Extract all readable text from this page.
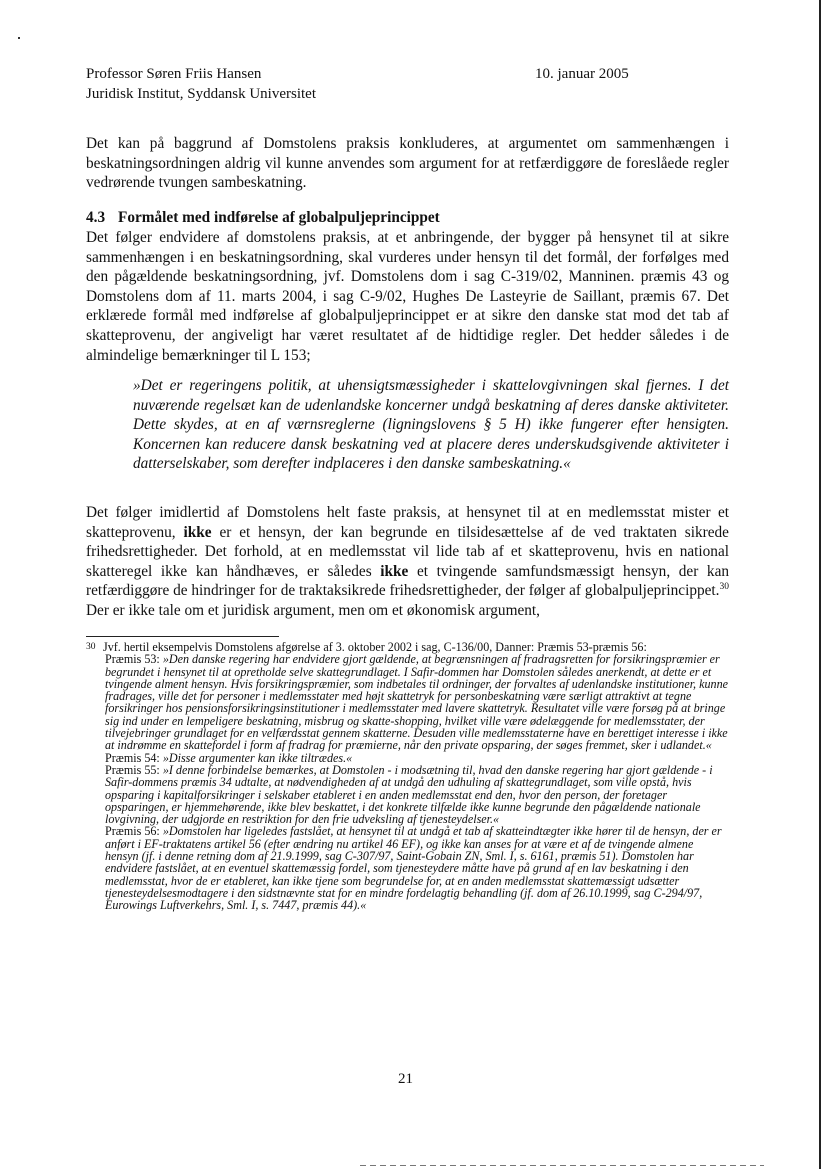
Professor Søren Friis Hansen
Juridisk Institut, Syddansk Universitet
10. januar 2005
Det kan på baggrund af Domstolens praksis konkluderes, at argumentet om sammenhængen i beskatningsordningen aldrig vil kunne anvendes som argument for at retfærdiggøre de foreslåede regler vedrørende tvungen sambeskatning.
4.3 Formålet med indførelse af globalpuljeprincippet
Det følger endvidere af domstolens praksis, at et anbringende, der bygger på hensynet til at sikre sammenhængen i en beskatningsordning, skal vurderes under hensyn til det formål, der forfølges med den pågældende beskatningsordning, jvf. Domstolens dom i sag C-319/02, Manninen. præmis 43 og Domstolens dom af 11. marts 2004, i sag C-9/02, Hughes De Lasteyrie de Saillant, præmis 67. Det erklærede formål med indførelse af globalpuljeprincippet er at sikre den danske stat mod det tab af skatteprovenu, der angiveligt har været resultatet af de hidtidige regler. Det hedder således i de almindelige bemærkninger til L 153;
»Det er regeringens politik, at uhensigtsmæssigheder i skattelovgivningen skal fjernes. I det nuværende regelsæt kan de udenlandske koncerner undgå beskatning af deres danske aktiviteter. Dette skydes, at en af værnsreglerne (ligningslovens § 5 H) ikke fungerer efter hensigten. Koncernen kan reducere dansk beskatning ved at placere deres underskudsgivende aktiviteter i datterselskaber, som derefter indplaceres i den danske sambeskatning.«
Det følger imidlertid af Domstolens helt faste praksis, at hensynet til at en medlemsstat mister et skatteprovenu, ikke er et hensyn, der kan begrunde en tilsidesættelse af de ved traktaten sikrede frihedsrettigheder. Det forhold, at en medlemsstat vil lide tab af et skatteprovenu, hvis en national skatteregel ikke kan håndhæves, er således ikke et tvingende samfundsmæssigt hensyn, der kan retfærdiggøre de hindringer for de traktaksikrede frihedsrettigheder, der følger af globalpuljeprincippet.$^{30}$ Der er ikke tale om et juridisk argument, men om et økonomisk argument,
30 Jvf. hertil eksempelvis Domstolens afgørelse af 3. oktober 2002 i sag, C-136/00, Danner: Præmis 53-præmis 56:
Præmis 53: »Den danske regering har endvidere gjort gældende, at begrænsningen af fradragsretten for forsikringspræmier er begrundet i hensynet til at opretholde selve skattegrundlaget. I Safir-dommen har Domstolen således anerkendt, at dette er et tvingende alment hensyn. Hvis forsikringspræmier, som indbetales til ordninger, der forvaltes af udenlandske institutioner, kunne fradrages, ville det for personer i medlemsstater med højt skattetryk for personbeskatning være særligt attraktivt at tegne forsikringer hos pensionsforsikringsinstitutioner i medlemsstater med lavere skattetryk. Resultatet ville være forsøg på at bringe sig ind under en lempeligere beskatning, misbrug og skatte-shopping, hvilket ville være ødelæggende for medlemsstater, der tilvejebringer grundlaget for en velfærdsstat gennem skatterne. Desuden ville medlemsstaterne have en berettiget interesse i ikke at indrømme en skattefordel i form af fradrag for præmierne, når den private opsparing, der søges fremmet, sker i udlandet.«
Præmis 54: »Disse argumenter kan ikke tiltrædes.«
Præmis 55: »I denne forbindelse bemærkes, at Domstolen - i modsætning til, hvad den danske regering har gjort gældende - i Safir-dommens præmis 34 udtalte, at nødvendigheden af at undgå den udhuling af skattegrundlaget, som ville opstå, hvis opsparing i kapitalforsikringer i selskaber etableret i en anden medlemsstat end den, hvor den person, der foretager opsparingen, er hjemmehørende, ikke blev beskattet, i det konkrete tilfælde ikke kunne begrunde den pågældende nationale lovgivning, der udgjorde en restriktion for den frie udveksling af tjenesteydelser.«
Præmis 56: »Domstolen har ligeledes fastslået, at hensynet til at undgå et tab af skatteindtægter ikke hører til de hensyn, der er anført i EF-traktatens artikel 56 (efter ændring nu artikel 46 EF), og ikke kan anses for at være et af de tvingende almene hensyn (jf. i denne retning dom af 21.9.1999, sag C-307/97, Saint-Gobain ZN, Sml. I, s. 6161, præmis 51). Domstolen har endvidere fastslået, at en eventuel skattemæssig fordel, som tjenesteydere måtte have på grund af en lav beskatning i den medlemsstat, hvor de er etableret, kan ikke tjene som begrundelse for, at en anden medlemsstat skattemæssigt udsætter tjenesteydelsesmodtagere i den sidstnævnte stat for en mindre fordelagtig behandling (jf. dom af 26.10.1999, sag C-294/97, Eurowings Luftverkehrs, Sml. I, s. 7447, præmis 44).«
21
